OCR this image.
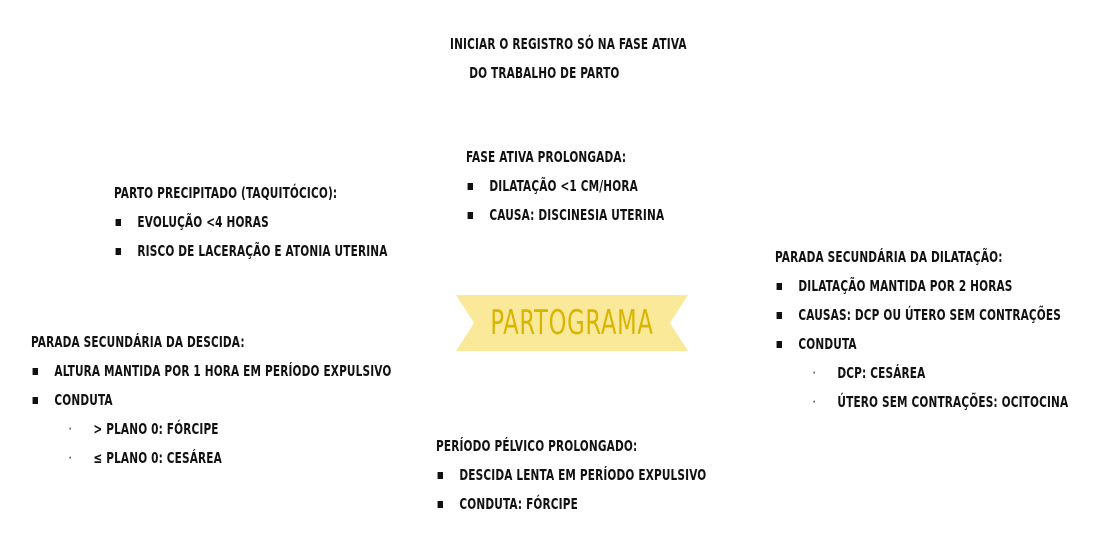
INICIAR O REGISTRO SÓ NA FASE ATIVA
DO TRABALHO DE PARTO
PARTOGRAMA
FASE ATIVA PROLONGADA:
DILATAÇÃO <1 CM/HORA
CAUSA: DISCINESIA UTERINA
PARTO PRECIPITADO (TAQUITÓCICO):
EVOLUÇÃO <4 HORAS
RISCO DE LACERAÇÃO E ATONIA UTERINA	PARADA SECUNDÁRIA DA DILATAÇÃO:
DILATAÇÃO MANTIDA POR 2 HORAS
CAUSAS: DCP OU ÚTERO SEM CONTRAÇÕES
CONDUTA
· DCP: CESÁREA
· ÚTERO SEM CONTRAÇÕES: OCITOCINA
PARADA SECUNDÁRIA DA DESCIDA:
ALTURA MANTIDA POR 1 HORA EM PERÍODO EXPULSIVO
CONDUTA
· > PLANO 0: FÓRCIPE
· ≤ PLANO 0: CESÁREA
PERÍODO PÉLVICO PROLONGADO:
DESCIDA LENTA EM PERÍODO EXPULSIVO
CONDUTA: FÓRCIPE
